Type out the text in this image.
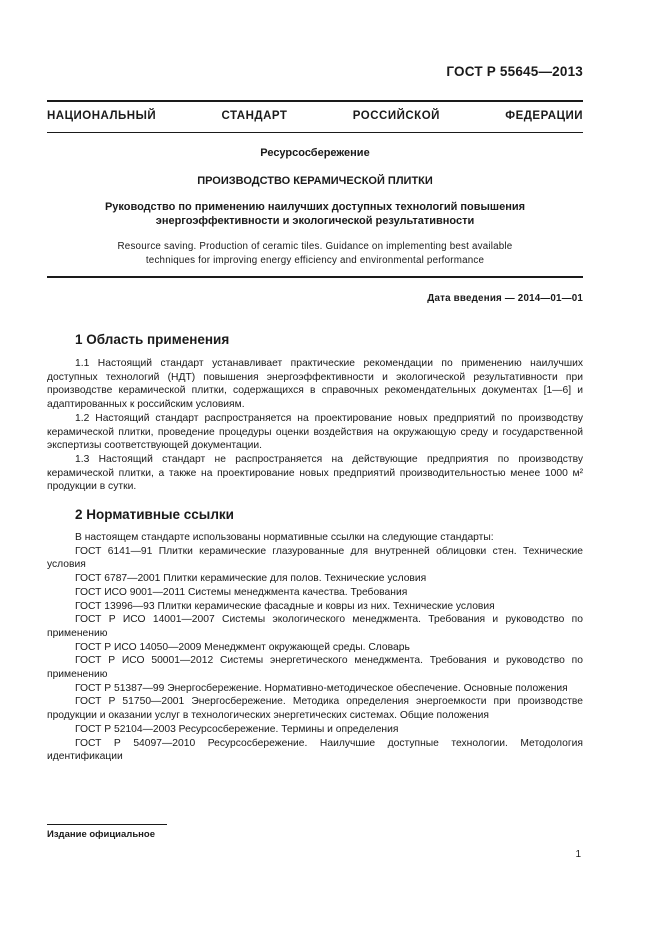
ГОСТ Р 55645—2013
НАЦИОНАЛЬНЫЙ СТАНДАРТ РОССИЙСКОЙ ФЕДЕРАЦИИ
Ресурсосбережение
ПРОИЗВОДСТВО КЕРАМИЧЕСКОЙ ПЛИТКИ
Руководство по применению наилучших доступных технологий повышения
энергоэффективности и экологической результативности
Resource saving. Production of ceramic tiles. Guidance on implementing best available
techniques for improving energy efficiency and environmental performance
Дата введения — 2014—01—01
1 Область применения

1.1 Настоящий стандарт устанавливает практические рекомендации по применению наилучших доступных технологий (НДТ) повышения энергоэффективности и экологической результативности при производстве керамической плитки, содержащихся в справочных рекомендательных документах [1—6] и адаптированных к российским условиям.

1.2 Настоящий стандарт распространяется на проектирование новых предприятий по производству керамической плитки, проведение процедуры оценки воздействия на окружающую среду и государственной экспертизы соответствующей документации.

1.3 Настоящий стандарт не распространяется на действующие предприятия по производству керамической плитки, а также на проектирование новых предприятий производительностью менее 1000 м² продукции в сутки.

2 Нормативные ссылки

В настоящем стандарте использованы нормативные ссылки на следующие стандарты:

ГОСТ 6141—91 Плитки керамические глазурованные для внутренней облицовки стен. Технические условия

ГОСТ 6787—2001 Плитки керамические для полов. Технические условия

ГОСТ ИСО 9001—2011 Системы менеджмента качества. Требования

ГОСТ 13996—93 Плитки керамические фасадные и ковры из них. Технические условия

ГОСТ Р ИСО 14001—2007 Системы экологического менеджмента. Требования и руководство по применению

ГОСТ Р ИСО 14050—2009 Менеджмент окружающей среды. Словарь

ГОСТ Р ИСО 50001—2012 Системы энергетического менеджмента. Требования и руководство по применению

ГОСТ Р 51387—99 Энергосбережение. Нормативно-методическое обеспечение. Основные положения

ГОСТ Р 51750—2001 Энергосбережение. Методика определения энергоемкости при производстве продукции и оказании услуг в технологических энергетических системах. Общие положения

ГОСТ Р 52104—2003 Ресурсосбережение. Термины и определения

ГОСТ Р 54097—2010 Ресурсосбережение. Наилучшие доступные технологии. Методология идентификации

Издание официальное
1
